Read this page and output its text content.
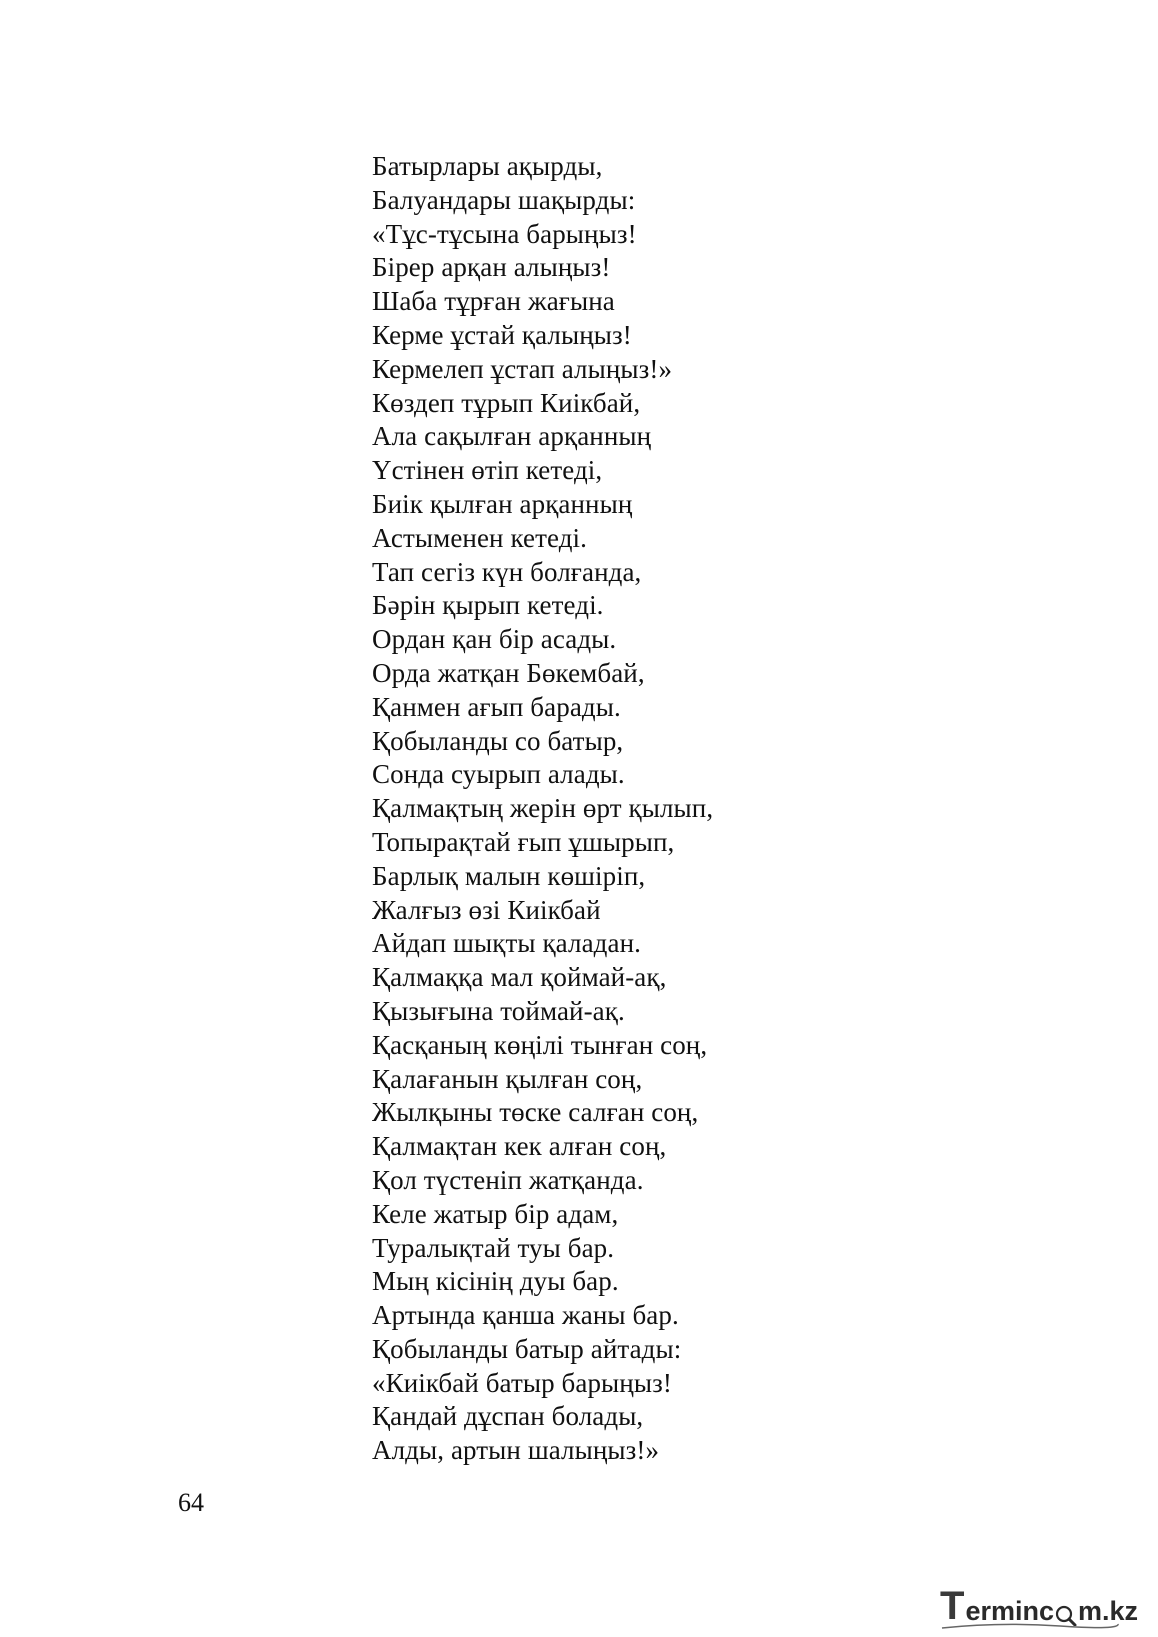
Батырлары ақырды,
Балуандары шақырды:
«Тұс-тұсына барыңыз!
Бірер арқан алыңыз!
Шаба тұрған жағына
Керме ұстай қалыңыз!
Кермелеп ұстап алыңыз!»
Көздеп тұрып Киікбай,
Ала сақылған арқанның
Үстінен өтіп кетеді,
Биік қылған арқанның
Астыменен кетеді.
Тап сегіз күн болғанда,
Бәрін қырып кетеді.
Ордан қан бір асады.
Орда жатқан Бөкембай,
Қанмен ағып барады.
Қобыланды со батыр,
Сонда суырып алады.
Қалмақтың жерін өрт қылып,
Топырақтай ғып ұшырып,
Барлық малын көшіріп,
Жалғыз өзі Киікбай
Айдап шықты қаладан.
Қалмаққа мал қоймай-ақ,
Қызығына тоймай-ақ.
Қасқаның көңілі тынған соң,
Қалағанын қылған соң,
Жылқыны төске салған соң,
Қалмақтан кек алған соң,
Қол түстеніп жатқанда.
Келе жатыр бір адам,
Туралықтай туы бар.
Мың кісінің дуы бар.
Артында қанша жаны бар.
Қобыланды батыр айтады:
«Киікбай батыр барыңыз!
Қандай дұспан болады,
Алды, артын шалыңыз!»
64
T erminc m.kz
